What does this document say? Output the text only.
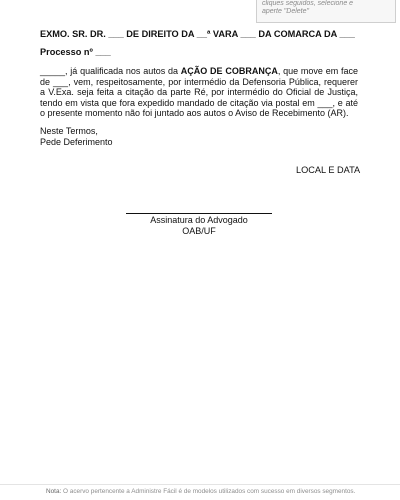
cliques seguidos, selecione e
aperte "Delete"
EXMO. SR. DR. ___ DE DIREITO DA __ª VARA ___ DA COMARCA DA ___
Processo nº ___
_____, já qualificada nos autos da AÇÃO DE COBRANÇA, que move em face de ___, vem, respeitosamente, por intermédio da Defensoria Pública, requerer a V.Exa. seja feita a citação da parte Ré, por intermédio do Oficial de Justiça, tendo em vista que fora expedido mandado de citação via postal em ___, e até o presente momento não foi juntado aos autos o Aviso de Recebimento (AR).
Neste Termos,
Pede Deferimento
LOCAL E DATA
Assinatura do Advogado
OAB/UF
Nota: O acervo pertencente a Administre Fácil é de modelos utilizados com sucesso em diversos segmentos.
